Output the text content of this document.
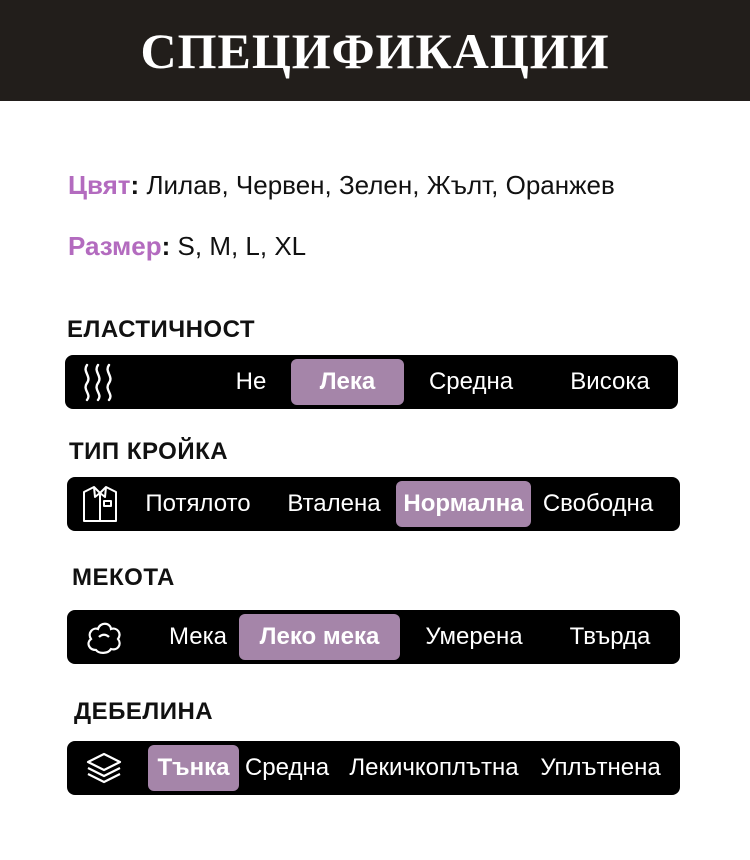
СПЕЦИФИКАЦИИ
Цвят: Лилав, Червен, Зелен, Жълт, Оранжев
Размер: S, M, L, XL
ЕЛАСТИЧНОСТ
Не	Лека	Средна	Висока
ТИП КРОЙКА
Потялото	Вталена Нормална Свободна
МЕКОТА
Мека	Леко мека	Умерена	Твърда
ДЕБЕЛИНА
Тънка Средна Лекичкоплътна Уплътнена
